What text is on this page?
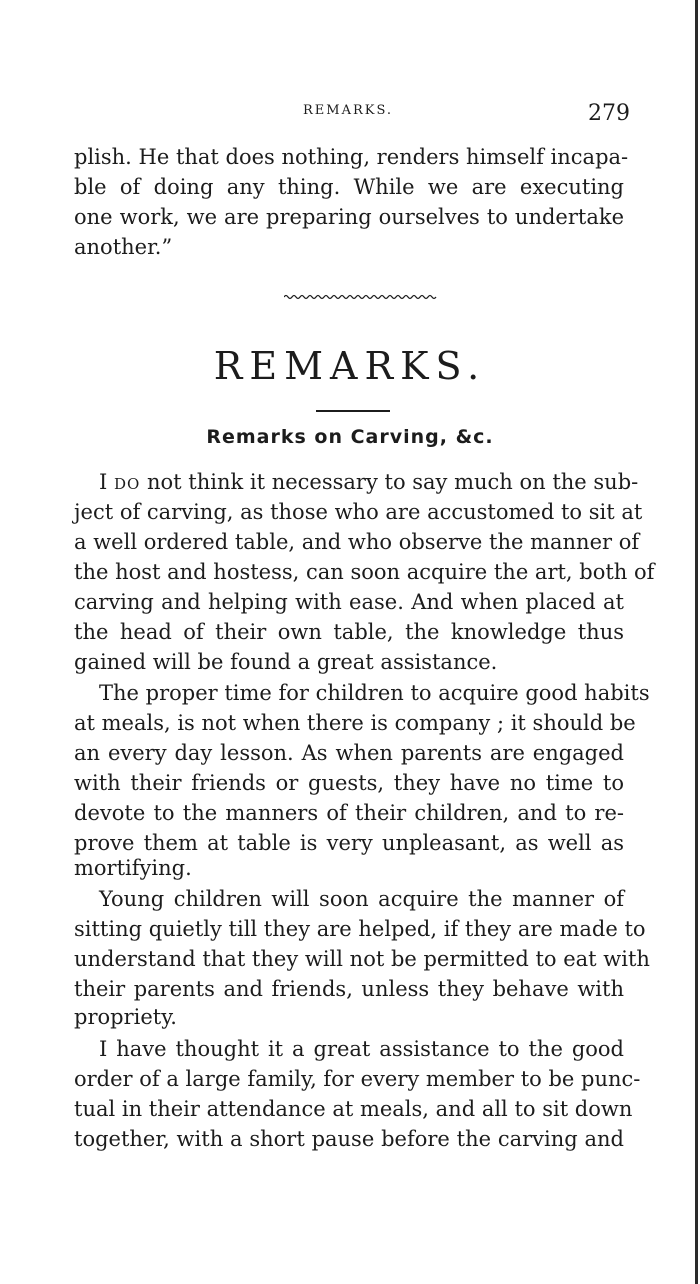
REMARKS.	279
plish. He that does nothing, renders himself incapa-
ble of doing any thing. While we are executing
one work, we are preparing ourselves to undertake
another.”
REMARKS.
Remarks on Carving, &c.
I DO not think it necessary to say much on the sub-
ject of carving, as those who are accustomed to sit at
a well ordered table, and who observe the manner of
the host and hostess, can soon acquire the art, both of
carving and helping with ease. And when placed at
the head of their own table, the knowledge thus
gained will be found a great assistance.
The proper time for children to acquire good habits
at meals, is not when there is company ; it should be
an every day lesson. As when parents are engaged
with their friends or guests, they have no time to
devote to the manners of their children, and to re-
prove them at table is very unpleasant, as well as
mortifying.
Young children will soon acquire the manner of
sitting quietly till they are helped, if they are made to
understand that they will not be permitted to eat with
their parents and friends, unless they behave with
propriety.
I have thought it a great assistance to the good
order of a large family, for every member to be punc-
tual in their attendance at meals, and all to sit down
together, with a short pause before the carving and
